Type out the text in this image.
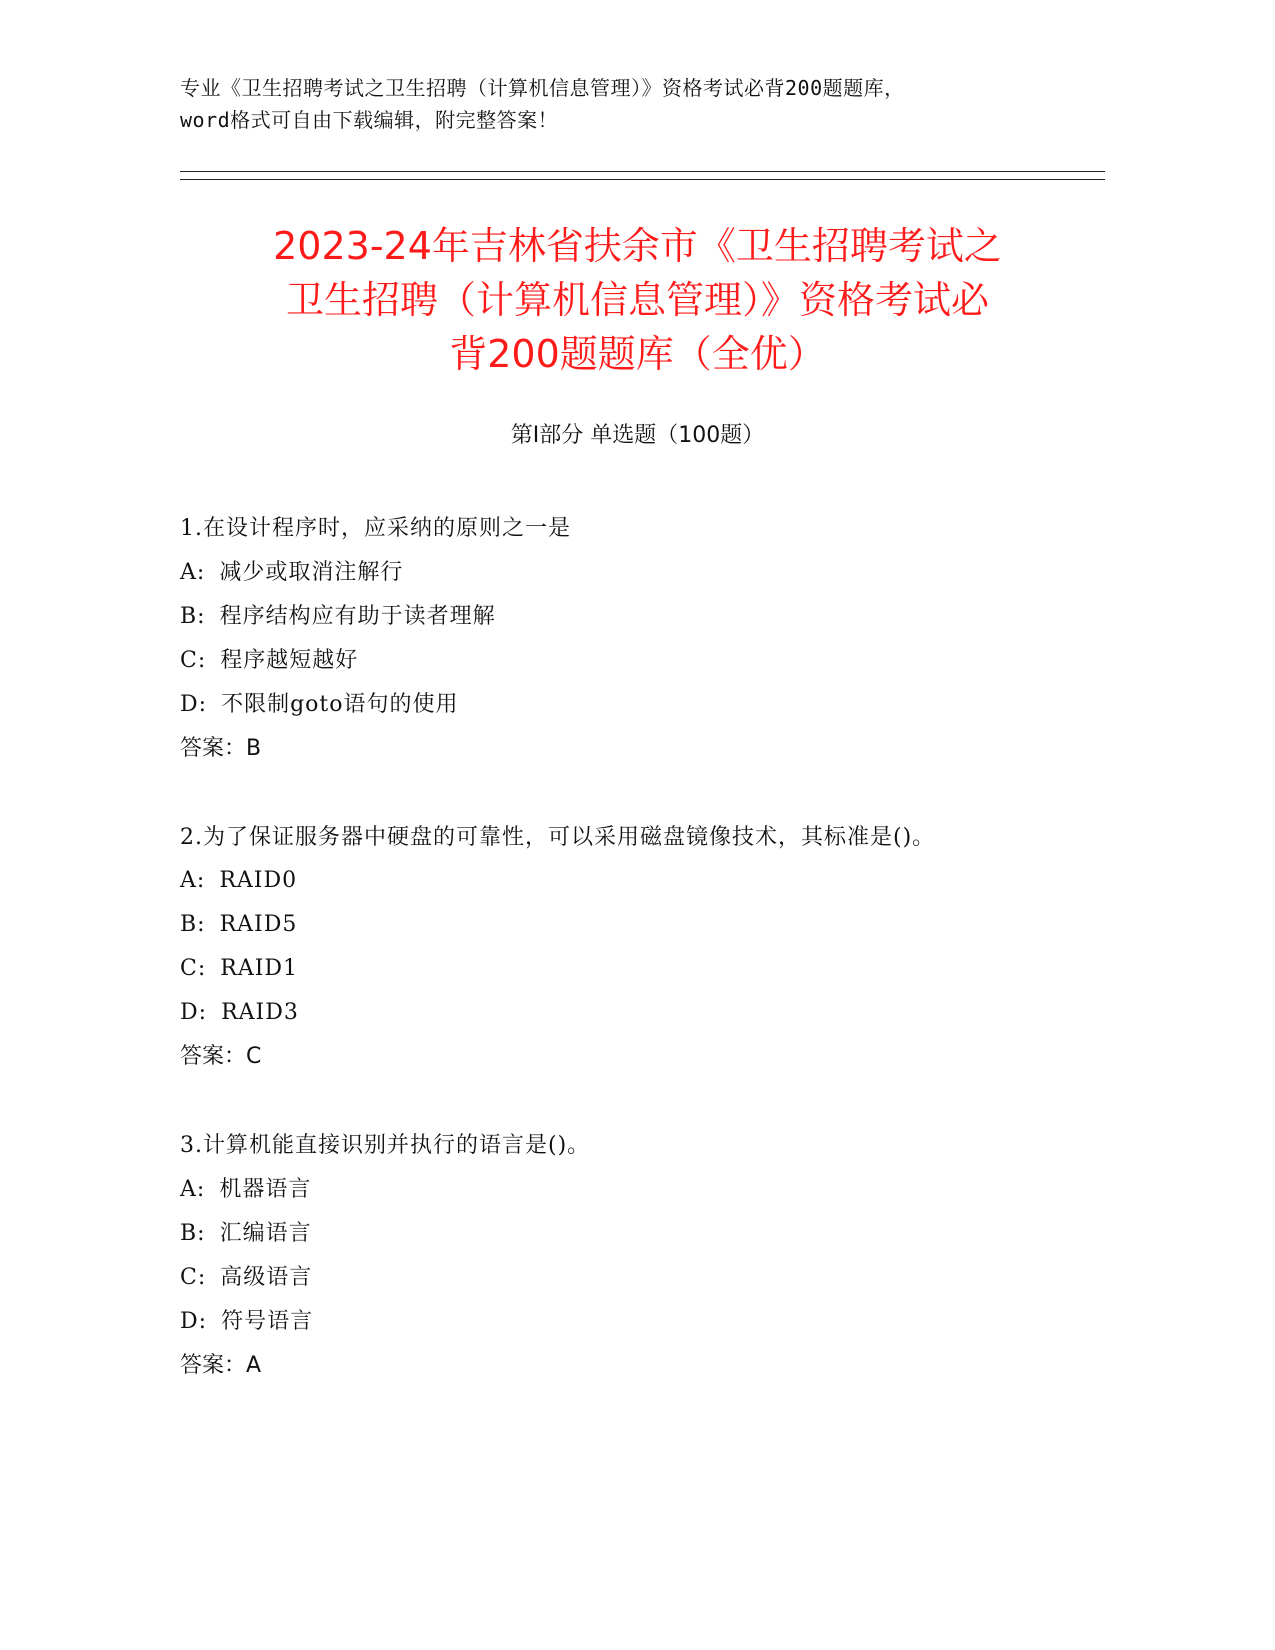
专业《卫生招聘考试之卫生招聘（计算机信息管理）》资格考试必背200题题库，
word格式可自由下载编辑，附完整答案！
2023-24年吉林省扶余市《卫生招聘考试之
卫生招聘（计算机信息管理）》资格考试必
背200题题库（全优）
第Ⅰ部分 单选题（100题）
1.在设计程序时，应采纳的原则之一是
A: 减少或取消注解行
B: 程序结构应有助于读者理解
C: 程序越短越好
D: 不限制goto语句的使用
答案：B
2.为了保证服务器中硬盘的可靠性，可以采用磁盘镜像技术，其标准是()。
A: RAID0
B: RAID5
C: RAID1
D: RAID3
答案：C
3.计算机能直接识别并执行的语言是()。
A: 机器语言
B: 汇编语言
C: 高级语言
D: 符号语言
答案：A
